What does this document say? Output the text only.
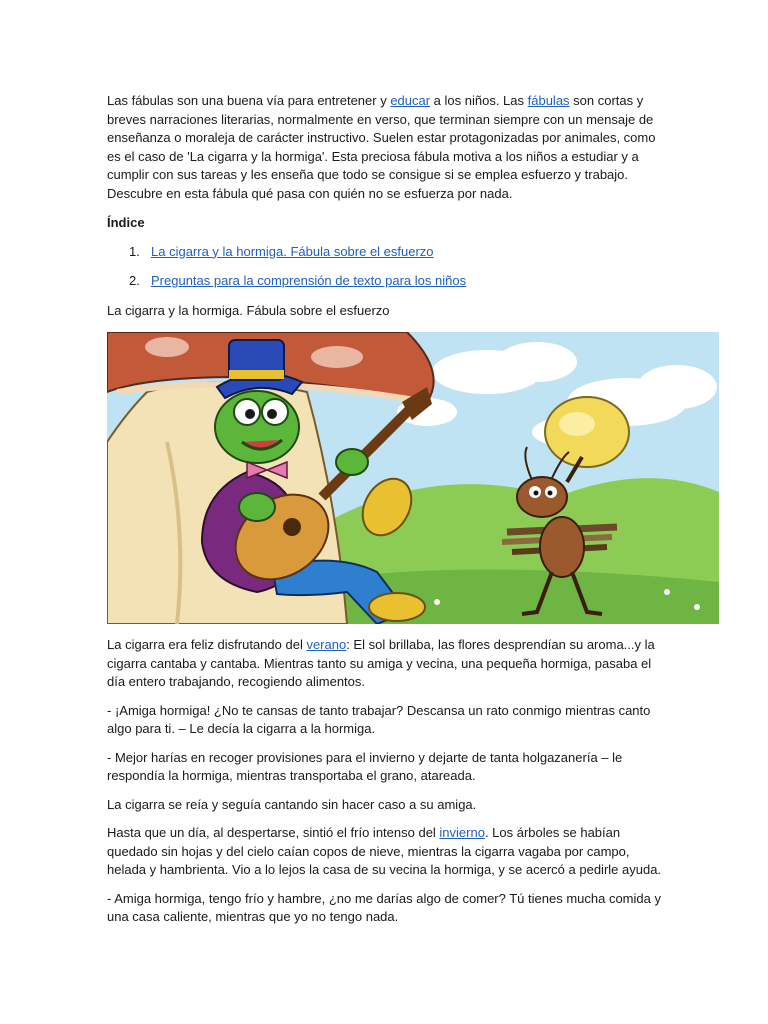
Las fábulas son una buena vía para entretener y educar a los niños. Las fábulas son cortas y breves narraciones literarias, normalmente en verso, que terminan siempre con un mensaje de enseñanza o moraleja de carácter instructivo. Suelen estar protagonizadas por animales, como es el caso de 'La cigarra y la hormiga'. Esta preciosa fábula motiva a los niños a estudiar y a cumplir con sus tareas y les enseña que todo se consigue si se emplea esfuerzo y trabajo. Descubre en esta fábula qué pasa con quién no se esfuerza por nada.

Índice

1. La cigarra y la hormiga. Fábula sobre el esfuerzo
2. Preguntas para la comprensión de texto para los niños

La cigarra y la hormiga. Fábula sobre el esfuerzo

La cigarra era feliz disfrutando del verano: El sol brillaba, las flores desprendían su aroma...y la cigarra cantaba y cantaba. Mientras tanto su amiga y vecina, una pequeña hormiga, pasaba el día entero trabajando, recogiendo alimentos.

- ¡Amiga hormiga! ¿No te cansas de tanto trabajar? Descansa un rato conmigo mientras canto algo para ti. – Le decía la cigarra a la hormiga.

- Mejor harías en recoger provisiones para el invierno y dejarte de tanta holgazanería – le respondía la hormiga, mientras transportaba el grano, atareada.

La cigarra se reía y seguía cantando sin hacer caso a su amiga.

Hasta que un día, al despertarse, sintió el frío intenso del invierno. Los árboles se habían quedado sin hojas y del cielo caían copos de nieve, mientras la cigarra vagaba por campo, helada y hambrienta. Vio a lo lejos la casa de su vecina la hormiga, y se acercó a pedirle ayuda.

- Amiga hormiga, tengo frío y hambre, ¿no me darías algo de comer? Tú tienes mucha comida y una casa caliente, mientras que yo no tengo nada.
